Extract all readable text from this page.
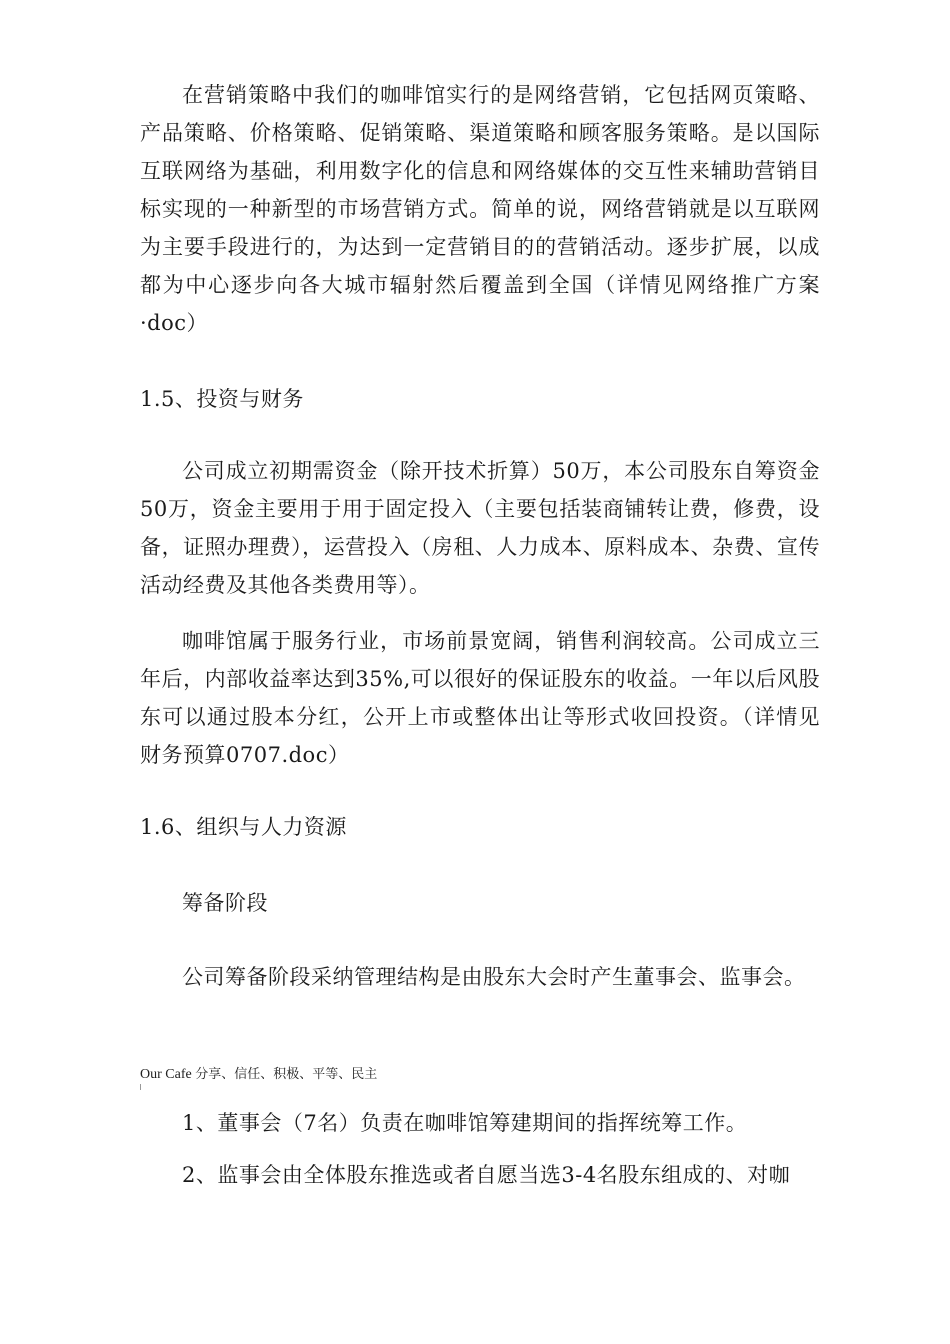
在营销策略中我们的咖啡馆实行的是网络营销，它包括网页策略、产品策略、价格策略、促销策略、渠道策略和顾客服务策略。是以国际互联网络为基础，利用数字化的信息和网络媒体的交互性来辅助营销目标实现的一种新型的市场营销方式。简单的说，网络营销就是以互联网为主要手段进行的，为达到一定营销目的的营销活动。逐步扩展，以成都为中心逐步向各大城市辐射然后覆盖到全国（详情见网络推广方案·doc）

1.5、投资与财务

公司成立初期需资金（除开技术折算）50万，本公司股东自筹资金50万，资金主要用于用于固定投入（主要包括装商铺转让费，修费，设备，证照办理费），运营投入（房租、人力成本、原料成本、杂费、宣传活动经费及其他各类费用等）。

咖啡馆属于服务行业，市场前景宽阔，销售利润较高。公司成立三年后，内部收益率达到35%,可以很好的保证股东的收益。一年以后风股东可以通过股本分红，公开上市或整体出让等形式收回投资。（详情见 财务预算0707.doc）

1.6、组织与人力资源

筹备阶段

公司筹备阶段采纳管理结构是由股东大会时产生董事会、监事会。

Our Cafe 分享、信任、积极、平等、民主

1、董事会（7名）负责在咖啡馆筹建期间的指挥统筹工作。

2、监事会由全体股东推选或者自愿当选3-4名股东组成的、对咖
